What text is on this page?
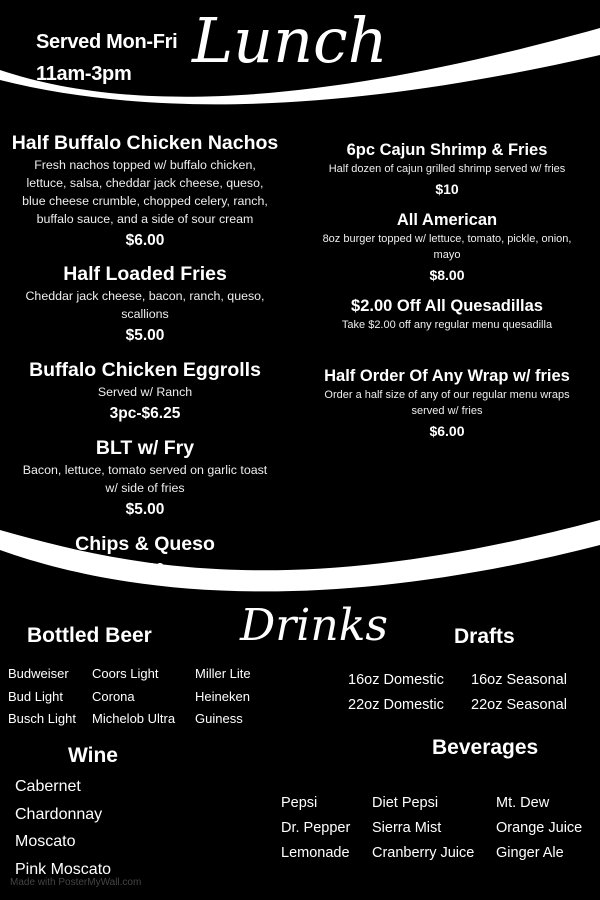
Served Mon-Fri
11am-3pm Lunch
Half Buffalo Chicken Nachos
Fresh nachos topped w/ buffalo chicken, lettuce, salsa, cheddar jack cheese, queso, blue cheese crumble, chopped celery, ranch, buffalo sauce, and a side of sour cream
$6.00
Half Loaded Fries
Cheddar jack cheese, bacon, ranch, queso, scallions
$5.00
Buffalo Chicken Eggrolls
Served w/ Ranch
3pc-$6.25
BLT w/ Fry
Bacon, lettuce, tomato served on garlic toast w/ side of fries
$5.00
Chips & Queso
$6.00
6pc Cajun Shrimp & Fries
Half dozen of cajun grilled shrimp served w/ fries
$10
All American
8oz burger topped w/ lettuce, tomato, pickle, onion, mayo
$8.00
$2.00 Off All Quesadillas
Take $2.00 off any regular menu quesadilla
Half Order Of Any Wrap w/ fries
Order a half size of any of our regular menu wraps served w/ fries
$6.00
Drinks
Bottled Beer
Budweiser
Bud Light
Busch Light
Coors Light
Corona
Michelob Ultra
Miller Lite
Heineken
Guiness
Drafts
16oz Domestic
22oz Domestic
16oz Seasonal
22oz Seasonal
Wine
Cabernet
Chardonnay
Moscato
Pink Moscato
Beverages
Pepsi
Dr. Pepper
Lemonade
Diet Pepsi
Sierra Mist
Cranberry Juice
Mt. Dew
Orange Juice
Ginger Ale
Made with PosterMyWall.com
